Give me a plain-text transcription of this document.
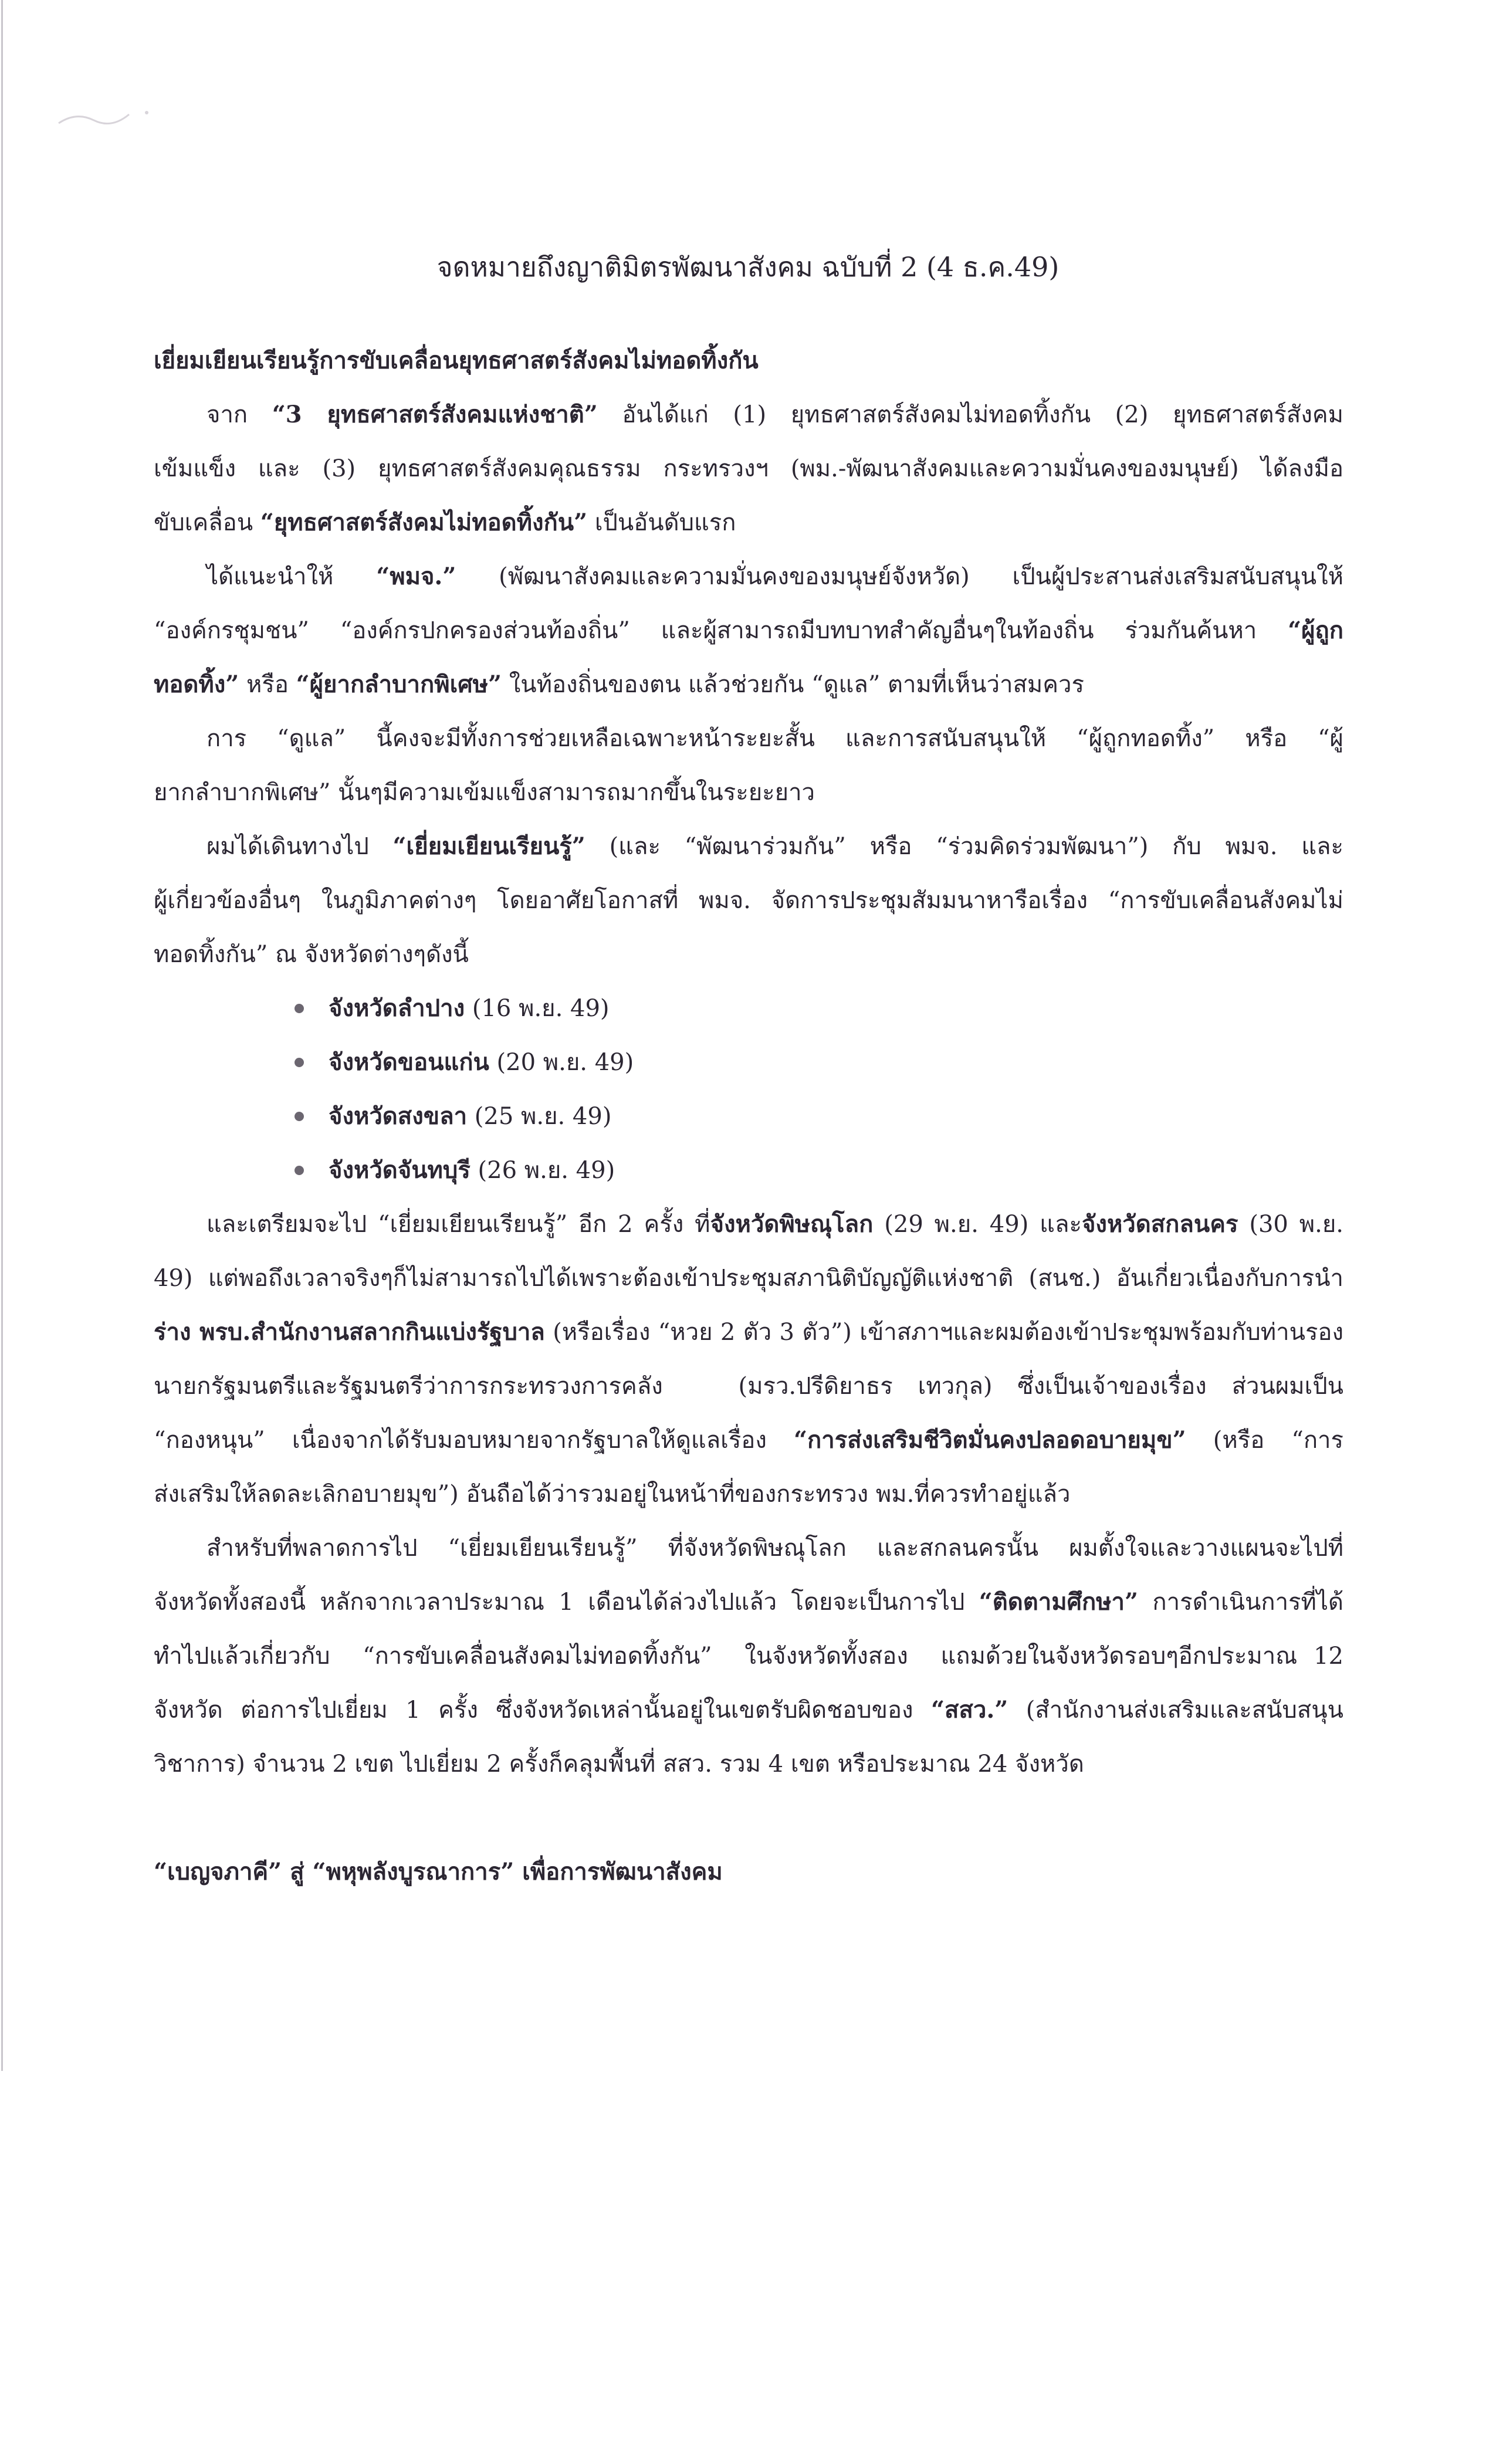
จดหมายถึงญาติมิตรพัฒนาสังคม ฉบับที่ 2 (4 ธ.ค.49)
เยี่ยมเยียนเรียนรู้การขับเคลื่อนยุทธศาสตร์สังคมไม่ทอดทิ้งกัน
จาก “3 ยุทธศาสตร์สังคมแห่งชาติ” อันได้แก่ (1) ยุทธศาสตร์สังคมไม่ทอดทิ้งกัน (2) ยุทธศาสตร์สังคม
เข้มแข็ง และ (3) ยุทธศาสตร์สังคมคุณธรรม กระทรวงฯ (พม.-พัฒนาสังคมและความมั่นคงของมนุษย์) ได้ลงมือ
ขับเคลื่อน “ยุทธศาสตร์สังคมไม่ทอดทิ้งกัน” เป็นอันดับแรก
ได้แนะนำให้ “พมจ.” (พัฒนาสังคมและความมั่นคงของมนุษย์จังหวัด) เป็นผู้ประสานส่งเสริมสนับสนุนให้
“องค์กรชุมชน” “องค์กรปกครองส่วนท้องถิ่น” และผู้สามารถมีบทบาทสำคัญอื่นๆในท้องถิ่น ร่วมกันค้นหา “ผู้ถูก
ทอดทิ้ง” หรือ “ผู้ยากลำบากพิเศษ” ในท้องถิ่นของตน แล้วช่วยกัน “ดูแล” ตามที่เห็นว่าสมควร
การ “ดูแล” นี้คงจะมีทั้งการช่วยเหลือเฉพาะหน้าระยะสั้น และการสนับสนุนให้ “ผู้ถูกทอดทิ้ง” หรือ “ผู้
ยากลำบากพิเศษ” นั้นๆมีความเข้มแข็งสามารถมากขึ้นในระยะยาว
ผมได้เดินทางไป “เยี่ยมเยียนเรียนรู้” (และ “พัฒนาร่วมกัน” หรือ “ร่วมคิดร่วมพัฒนา”) กับ พมจ. และ
ผู้เกี่ยวข้องอื่นๆ ในภูมิภาคต่างๆ โดยอาศัยโอกาสที่ พมจ. จัดการประชุมสัมมนาหารือเรื่อง “การขับเคลื่อนสังคมไม่
ทอดทิ้งกัน” ณ จังหวัดต่างๆดังนี้
จังหวัดลำปาง (16 พ.ย. 49)
จังหวัดขอนแก่น (20 พ.ย. 49)
จังหวัดสงขลา (25 พ.ย. 49)
จังหวัดจันทบุรี (26 พ.ย. 49)
และเตรียมจะไป “เยี่ยมเยียนเรียนรู้” อีก 2 ครั้ง ที่จังหวัดพิษณุโลก (29 พ.ย. 49) และจังหวัดสกลนคร (30 พ.ย.
49) แต่พอถึงเวลาจริงๆก็ไม่สามารถไปได้เพราะต้องเข้าประชุมสภานิติบัญญัติแห่งชาติ (สนช.) อันเกี่ยวเนื่องกับการนำ
ร่าง พรบ.สำนักงานสลากกินแบ่งรัฐบาล (หรือเรื่อง “หวย 2 ตัว 3 ตัว”) เข้าสภาฯและผมต้องเข้าประชุมพร้อมกับท่านรอง
นายกรัฐมนตรีและรัฐมนตรีว่าการกระทรวงการคลัง   (มรว.ปรีดิยาธร เทวกุล) ซึ่งเป็นเจ้าของเรื่อง ส่วนผมเป็น
“กองหนุน” เนื่องจากได้รับมอบหมายจากรัฐบาลให้ดูแลเรื่อง “การส่งเสริมชีวิตมั่นคงปลอดอบายมุข” (หรือ “การ
ส่งเสริมให้ลดละเลิกอบายมุข”) อันถือได้ว่ารวมอยู่ในหน้าที่ของกระทรวง พม.ที่ควรทำอยู่แล้ว
สำหรับที่พลาดการไป “เยี่ยมเยียนเรียนรู้” ที่จังหวัดพิษณุโลก และสกลนครนั้น ผมตั้งใจและวางแผนจะไปที่
จังหวัดทั้งสองนี้ หลักจากเวลาประมาณ 1 เดือนได้ล่วงไปแล้ว โดยจะเป็นการไป “ติดตามศึกษา” การดำเนินการที่ได้
ทำไปแล้วเกี่ยวกับ  “การขับเคลื่อนสังคมไม่ทอดทิ้งกัน”  ในจังหวัดทั้งสอง  แถมด้วยในจังหวัดรอบๆอีกประมาณ 12
จังหวัด ต่อการไปเยี่ยม 1 ครั้ง ซึ่งจังหวัดเหล่านั้นอยู่ในเขตรับผิดชอบของ “สสว.” (สำนักงานส่งเสริมและสนับสนุน
วิชาการ) จำนวน 2 เขต ไปเยี่ยม 2 ครั้งก็คลุมพื้นที่ สสว. รวม 4 เขต หรือประมาณ 24 จังหวัด
“เบญจภาคี” สู่ “พหุพลังบูรณาการ” เพื่อการพัฒนาสังคม
